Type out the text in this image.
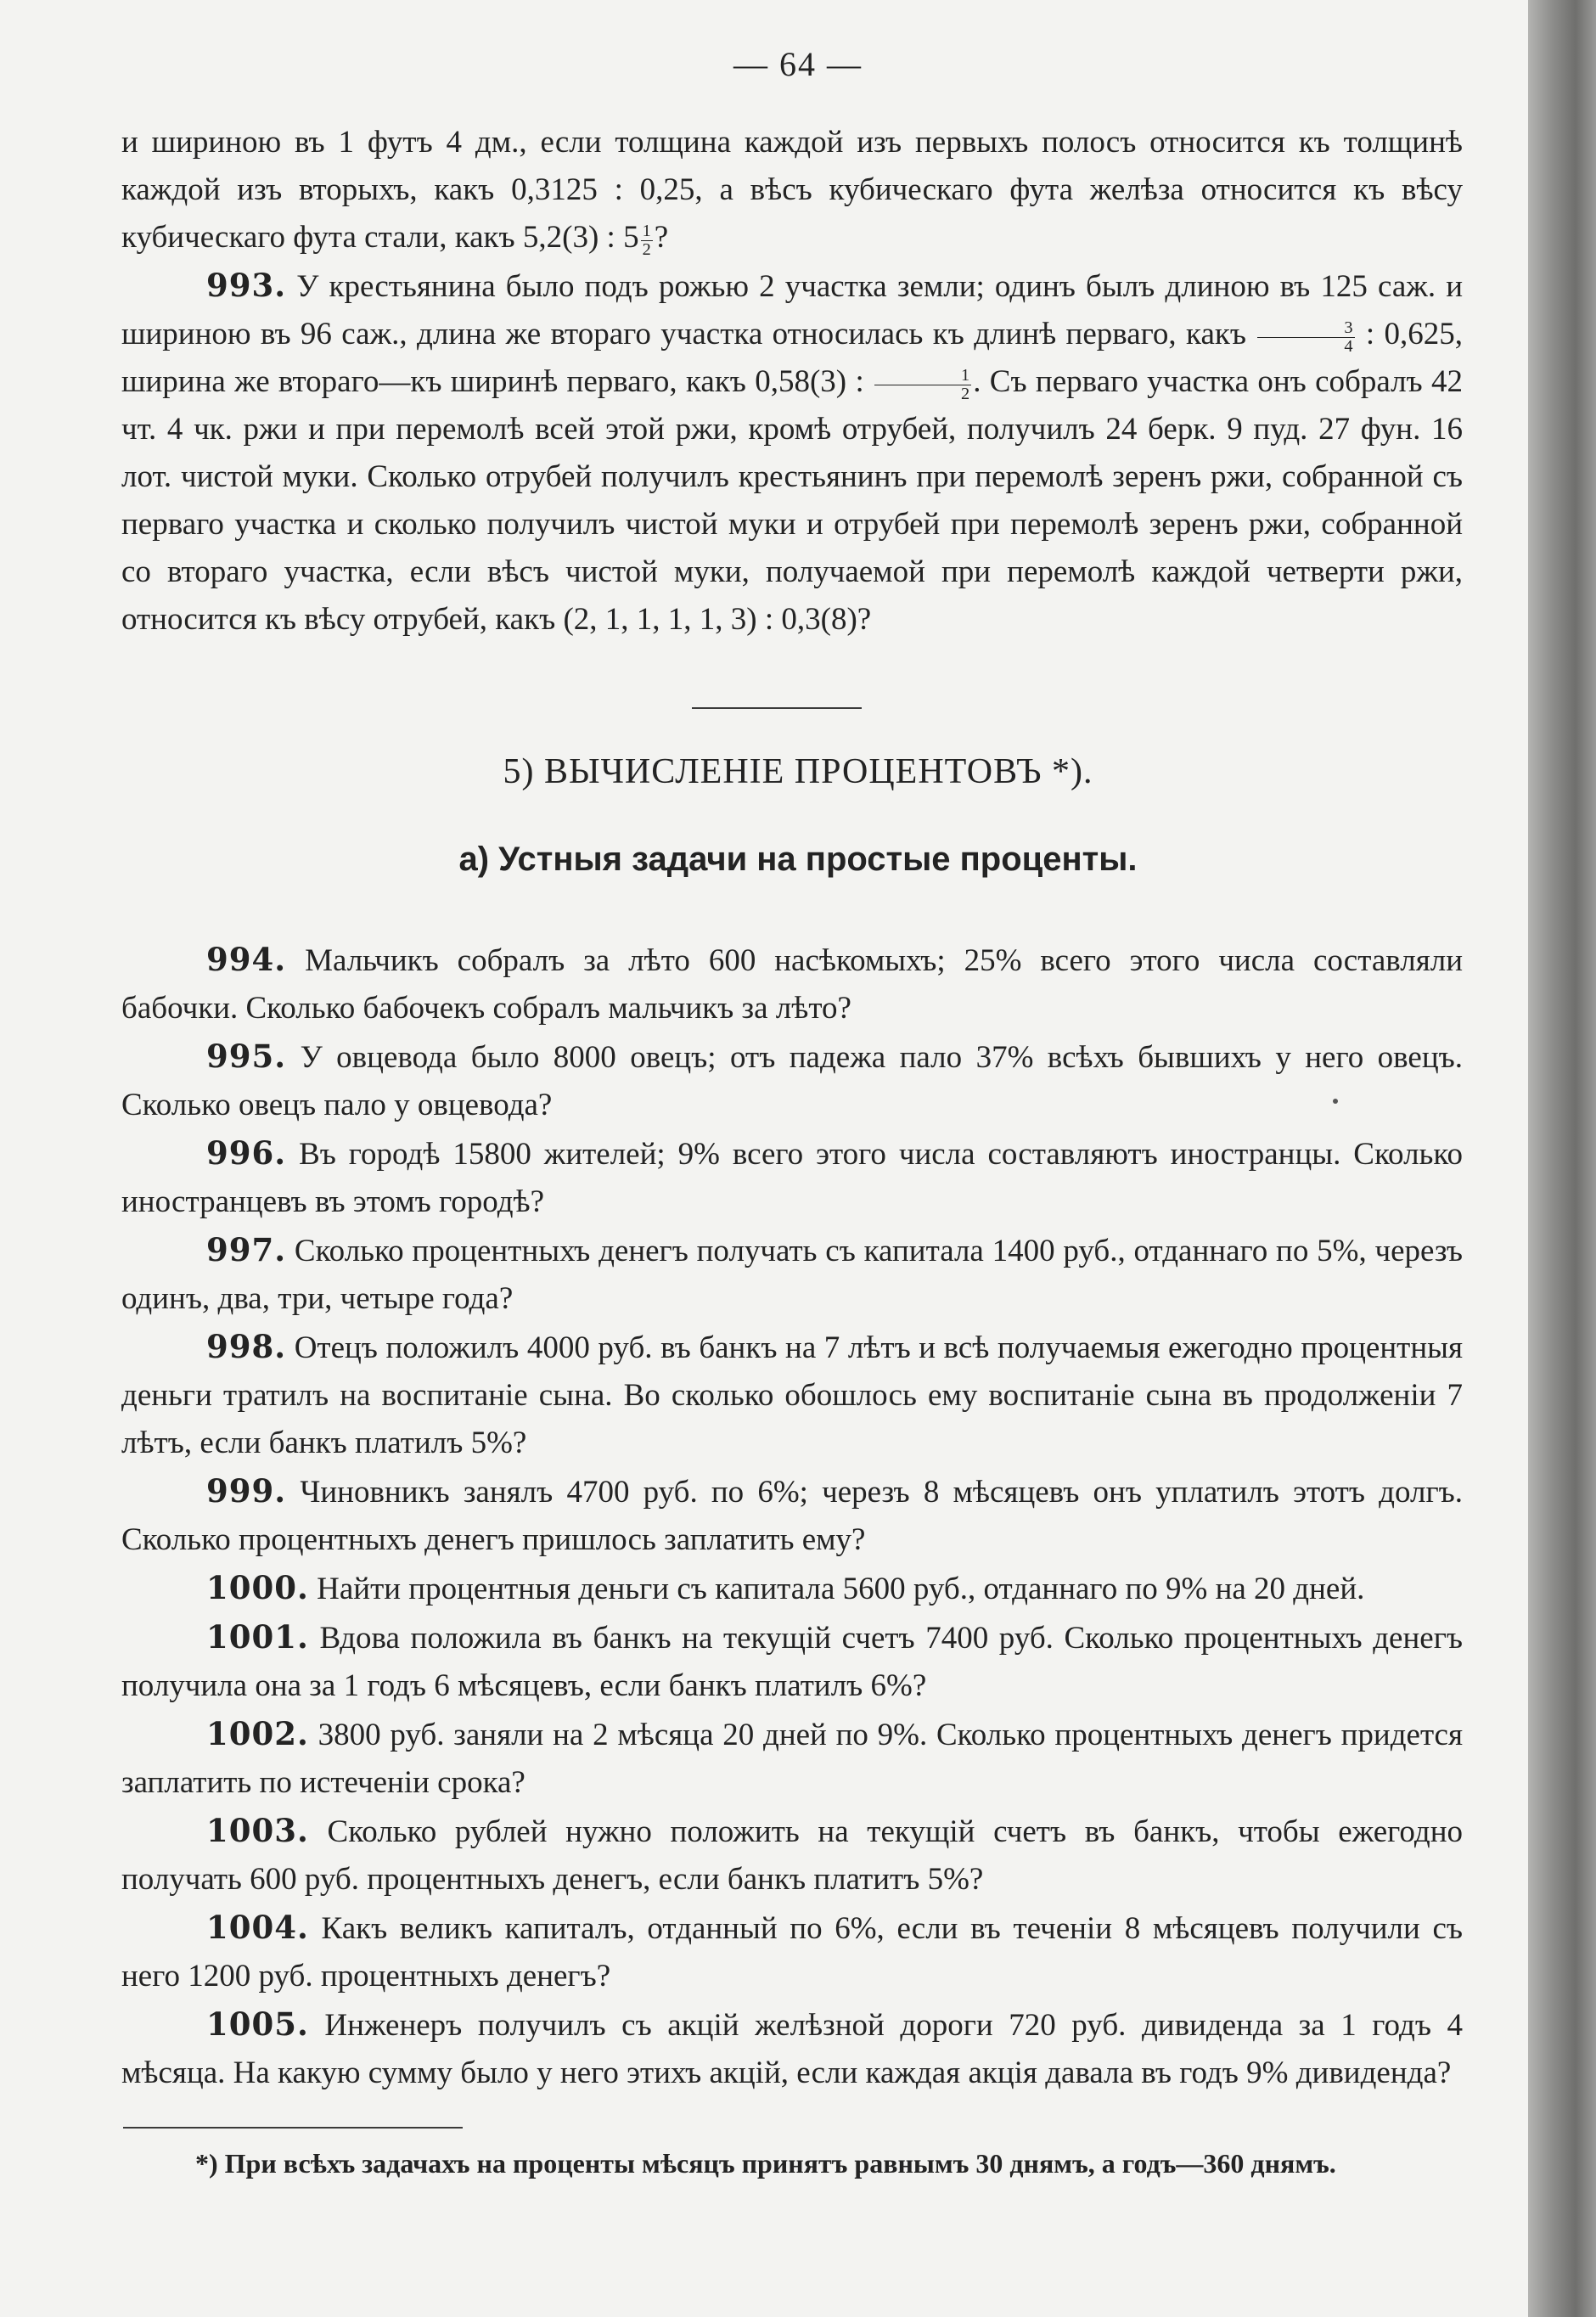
— 64 —
и шириною въ 1 футъ 4 дм., если толщина каждой изъ первыхъ полосъ относится къ толщинѣ каждой изъ вторыхъ, какъ 0,3125 : 0,25, а вѣсъ кубическаго фута желѣза относится къ вѣсу кубическаго фута стали, какъ 5,2(3) : $5 \frac{1}{2}$ ?
993. У крестьянина было подъ рожью 2 участка земли; одинъ былъ длиною въ 125 саж. и шириною въ 96 саж., длина же втораго участка относилась къ длинѣ перваго, какъ $\frac{3}{4}$ : 0,625, ширина же втораго—къ ширинѣ перваго, какъ 0,58(3) : $\frac{1}{2}$ . Съ перваго участка онъ собралъ 42 чт. 4 чк. ржи и при перемолѣ всей этой ржи, кромѣ отрубей, получилъ 24 берк. 9 пуд. 27 фун. 16 лот. чистой муки. Сколько отрубей получилъ крестьянинъ при перемолѣ зеренъ ржи, собранной съ перваго участка и сколько получилъ чистой муки и отрубей при перемолѣ зеренъ ржи, собранной со втораго участка, если вѣсъ чистой муки, получаемой при перемолѣ каждой четверти ржи, относится къ вѣсу отрубей, какъ (2, 1, 1, 1, 1, 3) : 0,3(8)?
5) ВЫЧИСЛЕНІЕ ПРОЦЕНТОВЪ *).
а) Устныя задачи на простые проценты.
994. Мальчикъ собралъ за лѣто 600 насѣкомыхъ; 25% всего этого числа составляли бабочки. Сколько бабочекъ собралъ мальчикъ за лѣто?
995. У овцевода было 8000 овецъ; отъ падежа пало 37% всѣхъ бывшихъ у него овецъ. Сколько овецъ пало у овцевода?
996. Въ городѣ 15800 жителей; 9% всего этого числа составляютъ иностранцы. Сколько иностранцевъ въ этомъ городѣ?
997. Сколько процентныхъ денегъ получать съ капитала 1400 руб., отданнаго по 5%, черезъ одинъ, два, три, четыре года?
998. Отецъ положилъ 4000 руб. въ банкъ на 7 лѣтъ и всѣ получаемыя ежегодно процентныя деньги тратилъ на воспитаніе сына. Во сколько обошлось ему воспитаніе сына въ продолженіи 7 лѣтъ, если банкъ платилъ 5%?
999. Чиновникъ занялъ 4700 руб. по 6%; черезъ 8 мѣсяцевъ онъ уплатилъ этотъ долгъ. Сколько процентныхъ денегъ пришлось заплатить ему?
1000. Найти процентныя деньги съ капитала 5600 руб., отданнаго по 9% на 20 дней.
1001. Вдова положила въ банкъ на текущій счетъ 7400 руб. Сколько процентныхъ денегъ получила она за 1 годъ 6 мѣсяцевъ, если банкъ платилъ 6%?
1002. 3800 руб. заняли на 2 мѣсяца 20 дней по 9%. Сколько процентныхъ денегъ придется заплатить по истеченіи срока?
1003. Сколько рублей нужно положить на текущій счетъ въ банкъ, чтобы ежегодно получать 600 руб. процентныхъ денегъ, если банкъ платитъ 5%?
1004. Какъ великъ капиталъ, отданный по 6%, если въ теченіи 8 мѣсяцевъ получили съ него 1200 руб. процентныхъ денегъ?
1005. Инженеръ получилъ съ акцій желѣзной дороги 720 руб. дивиденда за 1 годъ 4 мѣсяца. На какую сумму было у него этихъ акцій, если каждая акція давала въ годъ 9% дивиденда?
*) При всѣхъ задачахъ на проценты мѣсяцъ принятъ равнымъ 30 днямъ, а годъ—360 днямъ.
